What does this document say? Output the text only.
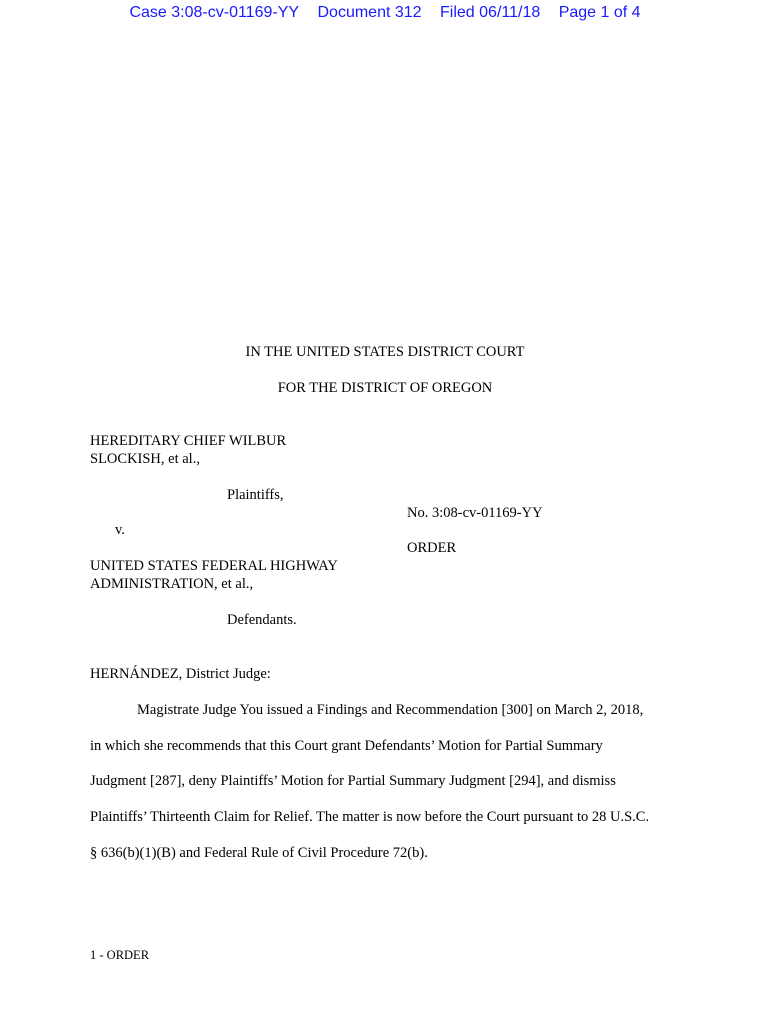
Case 3:08-cv-01169-YY Document 312 Filed 06/11/18 Page 1 of 4
IN THE UNITED STATES DISTRICT COURT
FOR THE DISTRICT OF OREGON
HEREDITARY CHIEF WILBUR
SLOCKISH, et al.,
Plaintiffs,
No. 3:08-cv-01169-YY
v.
ORDER
UNITED STATES FEDERAL HIGHWAY
ADMINISTRATION, et al.,
Defendants.
HERNÁNDEZ, District Judge:
Magistrate Judge You issued a Findings and Recommendation [300] on March 2, 2018,
in which she recommends that this Court grant Defendants’ Motion for Partial Summary
Judgment [287], deny Plaintiffs’ Motion for Partial Summary Judgment [294], and dismiss
Plaintiffs’ Thirteenth Claim for Relief. The matter is now before the Court pursuant to 28 U.S.C.
§ 636(b)(1)(B) and Federal Rule of Civil Procedure 72(b).
1 - ORDER
